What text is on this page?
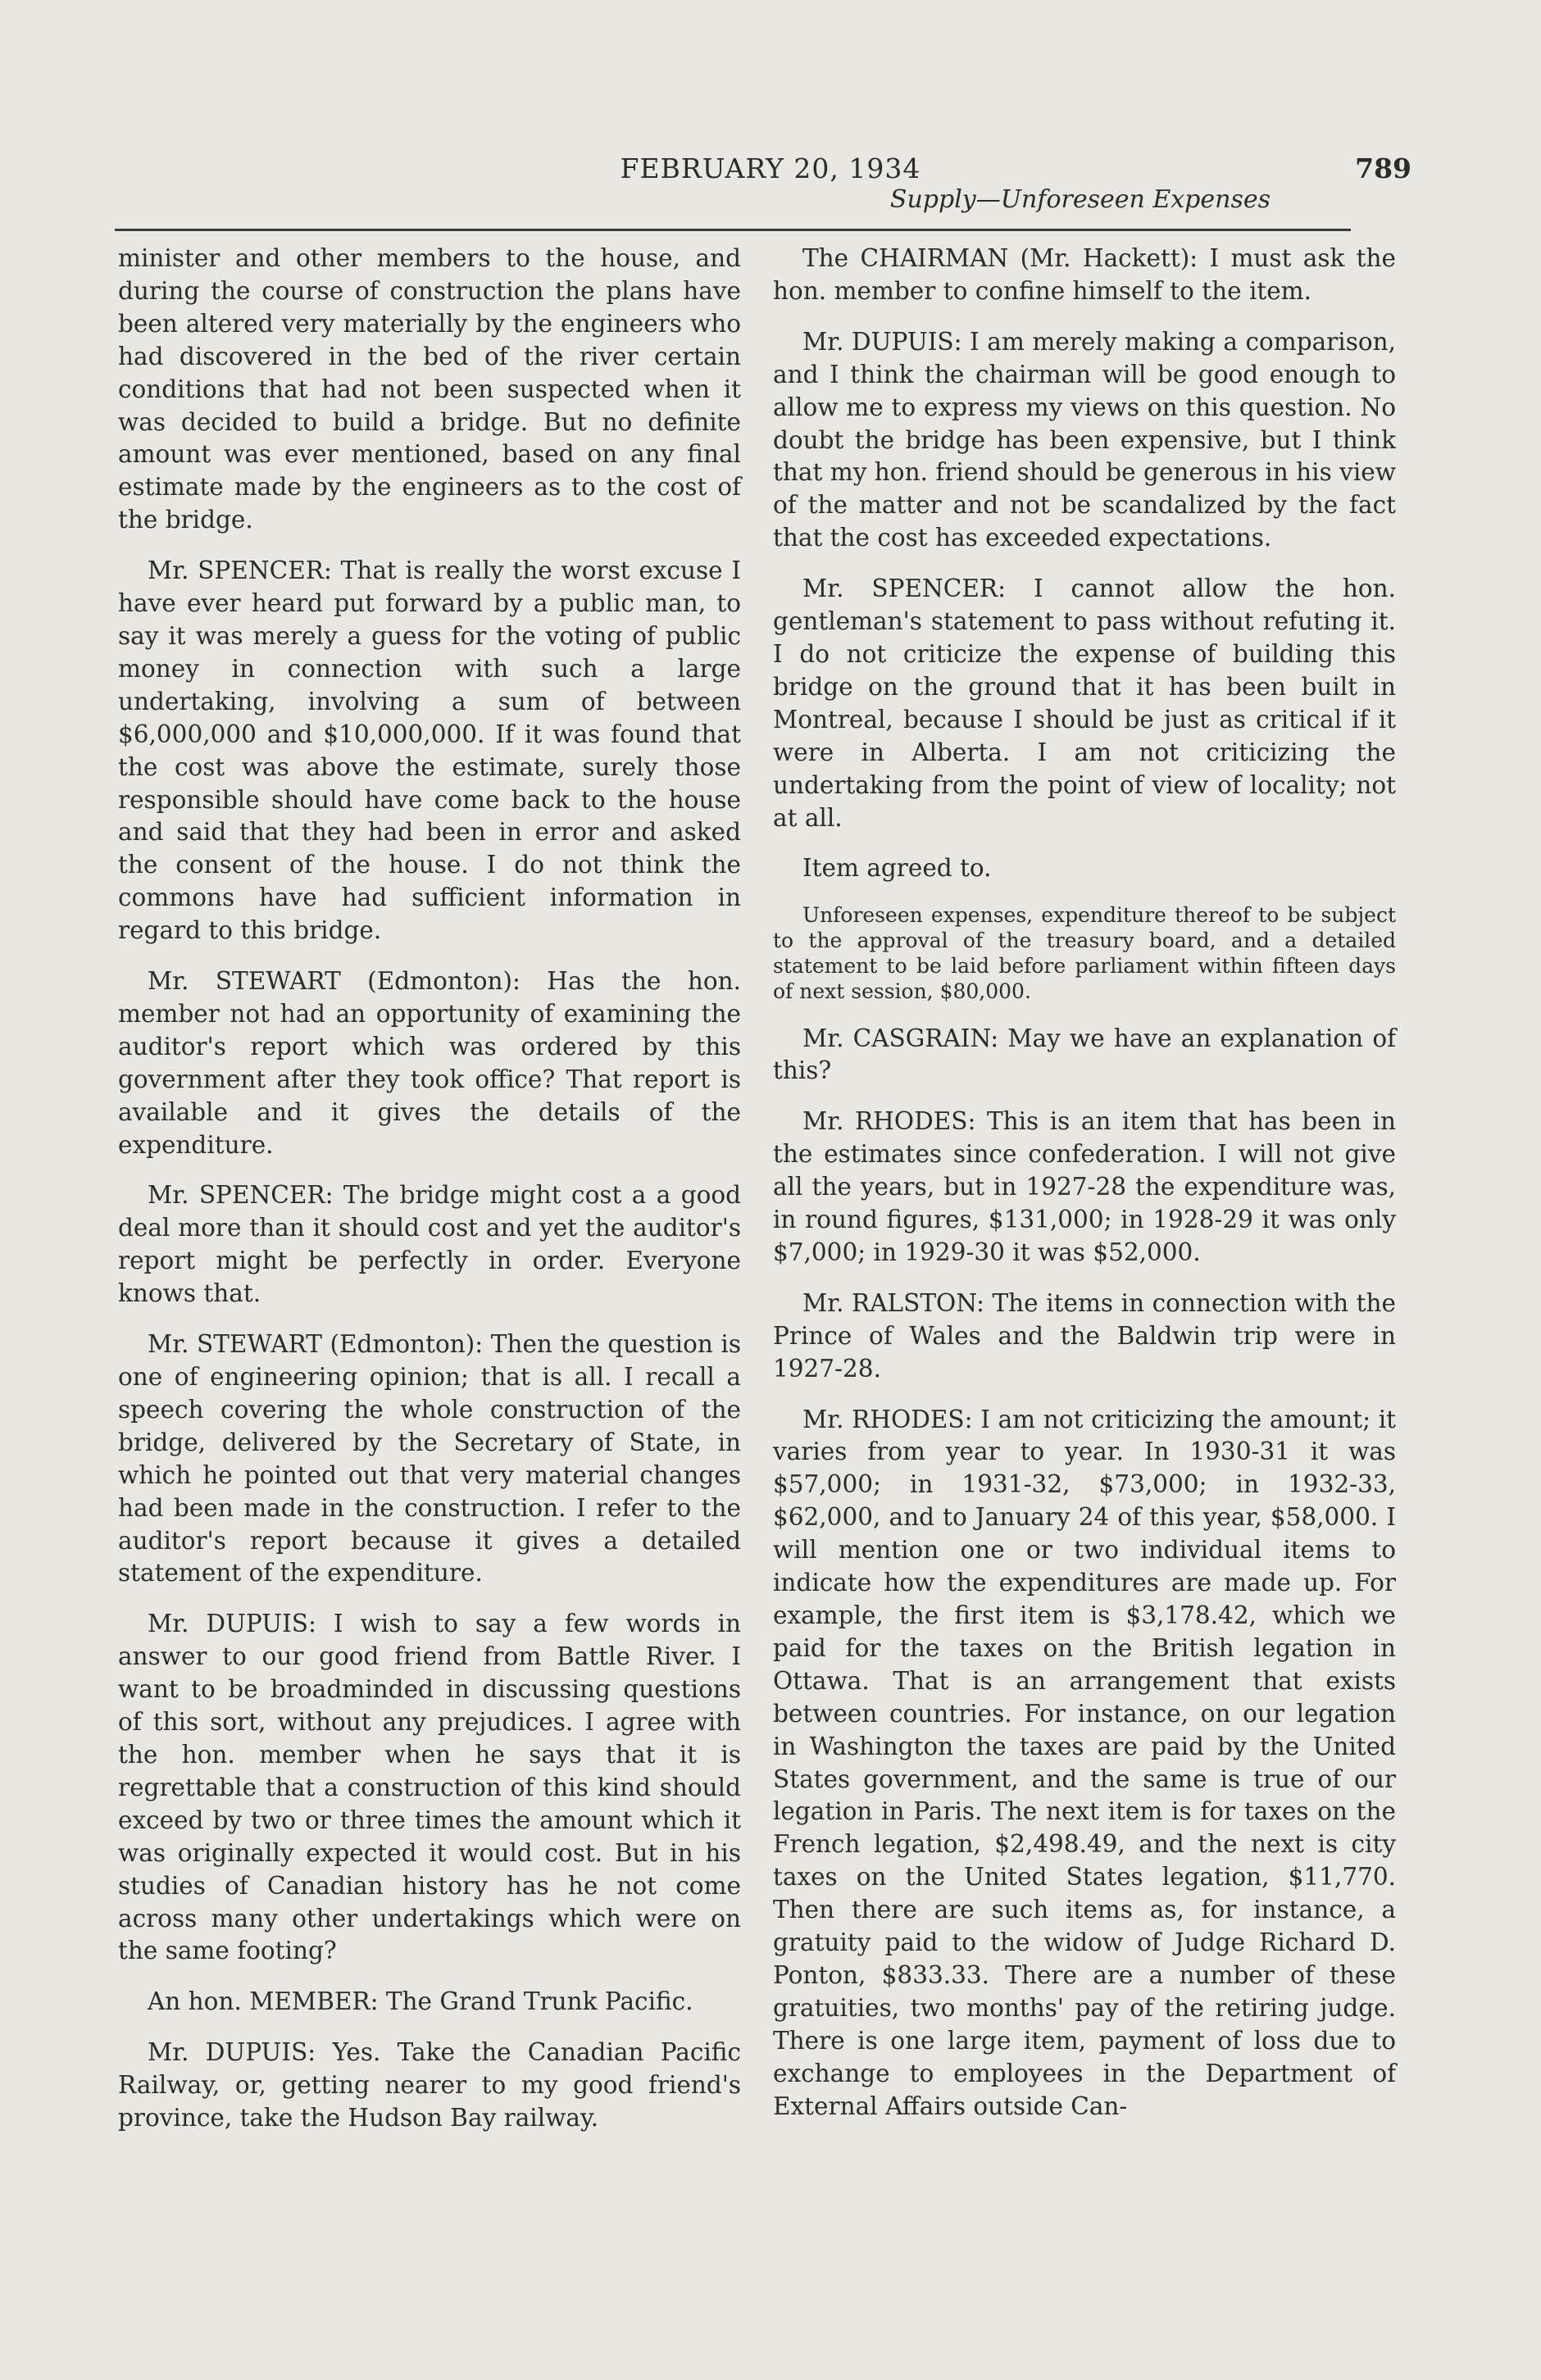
FEBRUARY 20, 1934	789
Supply—Unforeseen Expenses

minister and other members to the house, and during the course of construction the plans have been altered very materially by the engineers who had discovered in the bed of the river certain conditions that had not been suspected when it was decided to build a bridge. But no definite amount was ever mentioned, based on any final estimate made by the engineers as to the cost of the bridge.

Mr. SPENCER: That is really the worst excuse I have ever heard put forward by a public man, to say it was merely a guess for the voting of public money in connection with such a large undertaking, involving a sum of between $6,000,000 and $10,000,000. If it was found that the cost was above the estimate, surely those responsible should have come back to the house and said that they had been in error and asked the consent of the house. I do not think the commons have had sufficient information in regard to this bridge.

Mr. STEWART (Edmonton): Has the hon. member not had an opportunity of examining the auditor's report which was ordered by this government after they took office? That report is available and it gives the details of the expenditure.

Mr. SPENCER: The bridge might cost a a good deal more than it should cost and yet the auditor's report might be perfectly in order. Everyone knows that.

Mr. STEWART (Edmonton): Then the question is one of engineering opinion; that is all. I recall a speech covering the whole construction of the bridge, delivered by the Secretary of State, in which he pointed out that very material changes had been made in the construction. I refer to the auditor's report because it gives a detailed statement of the expenditure.

Mr. DUPUIS: I wish to say a few words in answer to our good friend from Battle River. I want to be broadminded in discussing questions of this sort, without any prejudices. I agree with the hon. member when he says that it is regrettable that a construction of this kind should exceed by two or three times the amount which it was originally expected it would cost. But in his studies of Canadian history has he not come across many other undertakings which were on the same footing?

An hon. MEMBER: The Grand Trunk Pacific.

Mr. DUPUIS: Yes. Take the Canadian Pacific Railway, or, getting nearer to my good friend's province, take the Hudson Bay railway.

The CHAIRMAN (Mr. Hackett): I must ask the hon. member to confine himself to the item.

Mr. DUPUIS: I am merely making a comparison, and I think the chairman will be good enough to allow me to express my views on this question. No doubt the bridge has been expensive, but I think that my hon. friend should be generous in his view of the matter and not be scandalized by the fact that the cost has exceeded expectations.

Mr. SPENCER: I cannot allow the hon. gentleman's statement to pass without refuting it. I do not criticize the expense of building this bridge on the ground that it has been built in Montreal, because I should be just as critical if it were in Alberta. I am not criticizing the undertaking from the point of view of locality; not at all.

Item agreed to.

Unforeseen expenses, expenditure thereof to be subject to the approval of the treasury board, and a detailed statement to be laid before parliament within fifteen days of next session, $80,000.

Mr. CASGRAIN: May we have an explanation of this?

Mr. RHODES: This is an item that has been in the estimates since confederation. I will not give all the years, but in 1927-28 the expenditure was, in round figures, $131,000; in 1928-29 it was only $7,000; in 1929-30 it was $52,000.

Mr. RALSTON: The items in connection with the Prince of Wales and the Baldwin trip were in 1927-28.

Mr. RHODES: I am not criticizing the amount; it varies from year to year. In 1930-31 it was $57,000; in 1931-32, $73,000; in 1932-33, $62,000, and to January 24 of this year, $58,000. I will mention one or two individual items to indicate how the expenditures are made up. For example, the first item is $3,178.42, which we paid for the taxes on the British legation in Ottawa. That is an arrangement that exists between countries. For instance, on our legation in Washington the taxes are paid by the United States government, and the same is true of our legation in Paris. The next item is for taxes on the French legation, $2,498.49, and the next is city taxes on the United States legation, $11,770. Then there are such items as, for instance, a gratuity paid to the widow of Judge Richard D. Ponton, $833.33. There are a number of these gratuities, two months' pay of the retiring judge. There is one large item, payment of loss due to exchange to employees in the Department of External Affairs outside Can-
